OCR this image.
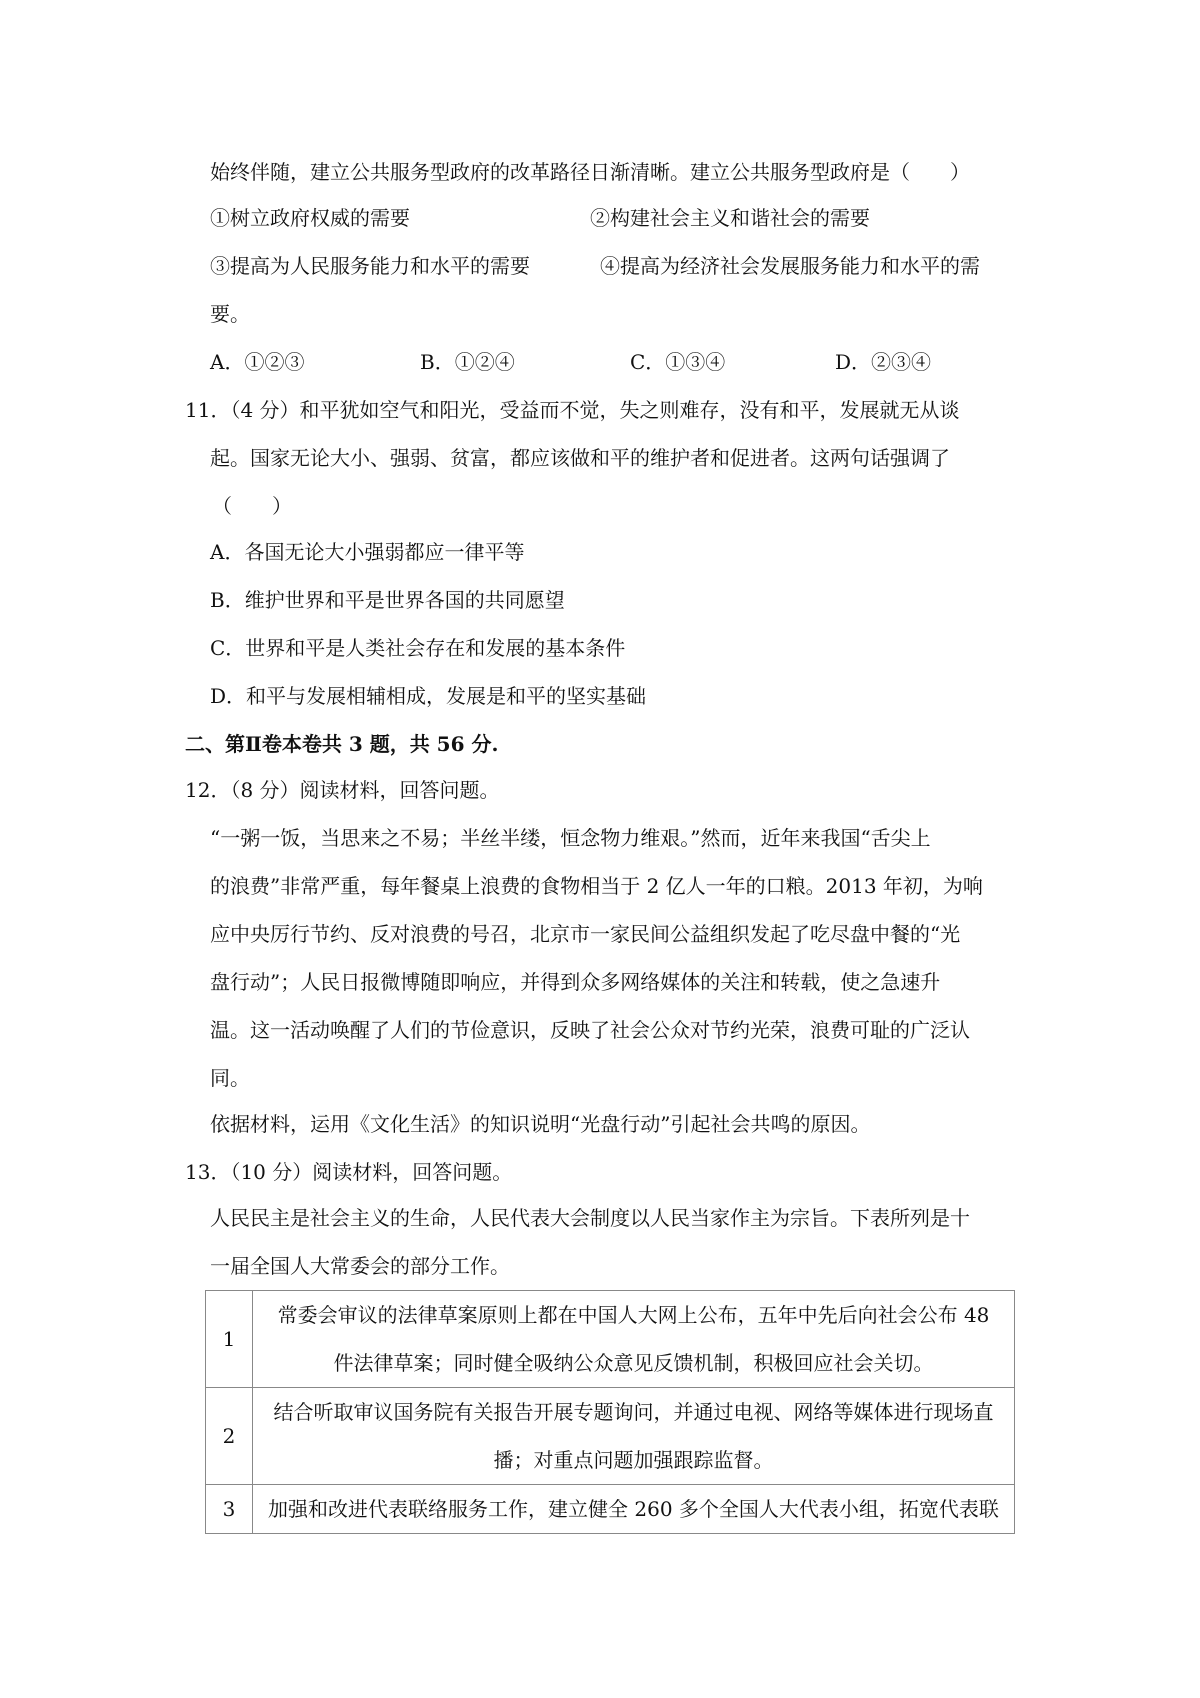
始终伴随，建立公共服务型政府的改革路径日渐清晰。建立公共服务型政府是（　　）
①树立政府权威的需要	②构建社会主义和谐社会的需要
③提高为人民服务能力和水平的需要	④提高为经济社会发展服务能力和水平的需
要。
A．①②③	B．①②④	C．①③④	D．②③④
11．（4 分）和平犹如空气和阳光，受益而不觉，失之则难存，没有和平，发展就无从谈
起。国家无论大小、强弱、贫富，都应该做和平的维护者和促进者。这两句话强调了
（　　）
A．各国无论大小强弱都应一律平等
B．维护世界和平是世界各国的共同愿望
C．世界和平是人类社会存在和发展的基本条件
D．和平与发展相辅相成，发展是和平的坚实基础
二、第Ⅱ卷本卷共 3 题，共 56 分.
12．（8 分）阅读材料，回答问题。
“一粥一饭，当思来之不易；半丝半缕，恒念物力维艰。”然而，近年来我国“舌尖上
的浪费”非常严重，每年餐桌上浪费的食物相当于 2 亿人一年的口粮。2013 年初，为响
应中央厉行节约、反对浪费的号召，北京市一家民间公益组织发起了吃尽盘中餐的“光
盘行动”；人民日报微博随即响应，并得到众多网络媒体的关注和转载，使之急速升
温。这一活动唤醒了人们的节俭意识，反映了社会公众对节约光荣，浪费可耻的广泛认
同。
依据材料，运用《文化生活》的知识说明“光盘行动”引起社会共鸣的原因。
13．（10 分）阅读材料，回答问题。
人民民主是社会主义的生命，人民代表大会制度以人民当家作主为宗旨。下表所列是十
一届全国人大常委会的部分工作。
1	常委会审议的法律草案原则上都在中国人大网上公布，五年中先后向社会公布 48
件法律草案；同时健全吸纳公众意见反馈机制，积极回应社会关切。

2	结合听取审议国务院有关报告开展专题询问，并通过电视、网络等媒体进行现场直
播；对重点问题加强跟踪监督。

3	加强和改进代表联络服务工作，建立健全 260 多个全国人大代表小组，拓宽代表联
